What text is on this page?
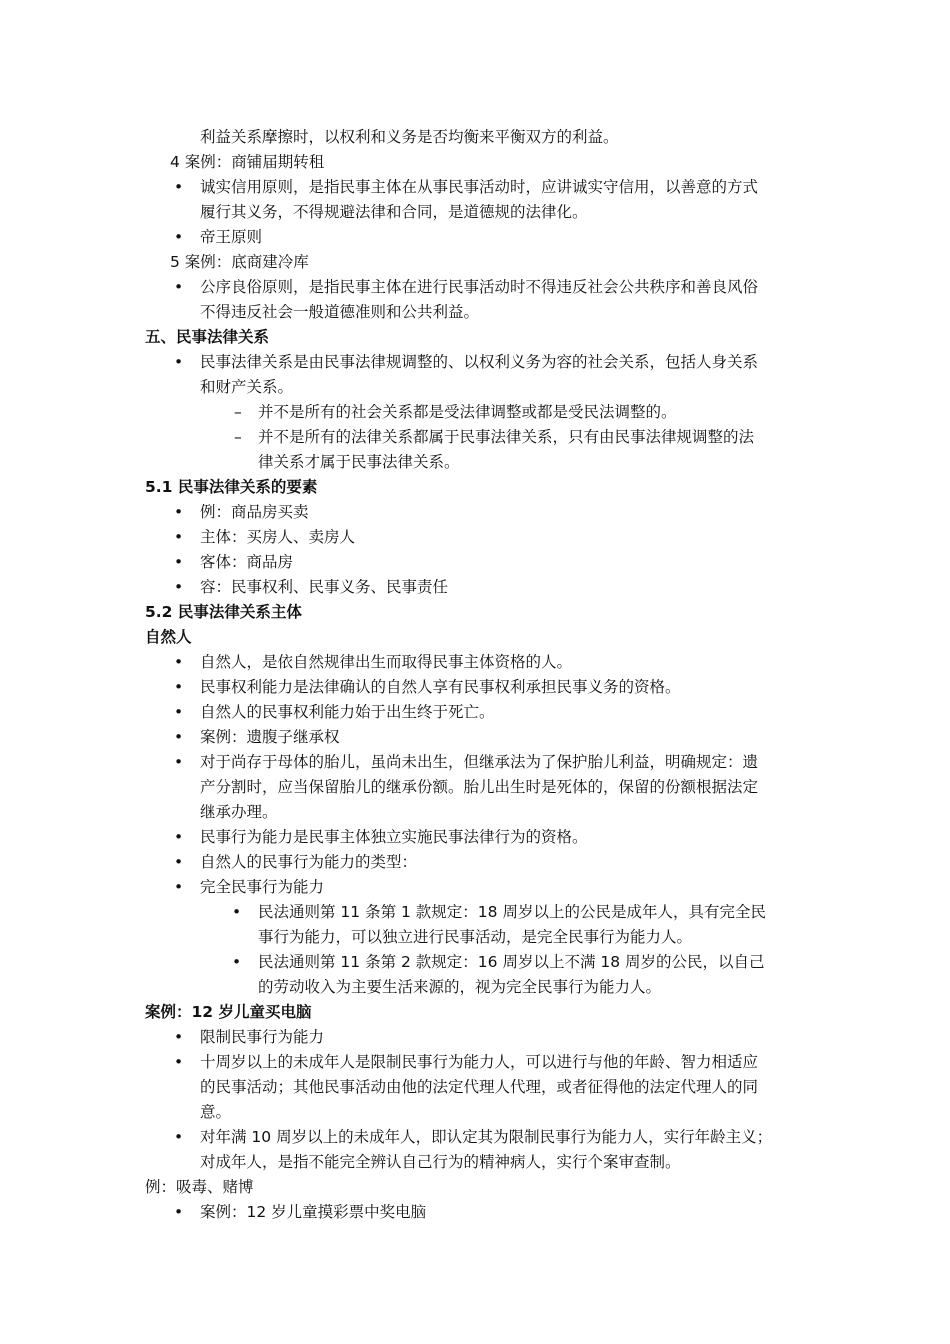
利益关系摩擦时，以权利和义务是否均衡来平衡双方的利益。
4 案例：商铺届期转租
• 诚实信用原则，是指民事主体在从事民事活动时，应讲诚实守信用，以善意的方式
履行其义务，不得规避法律和合同，是道德规的法律化。
• 帝王原则
5 案例：底商建冷库
• 公序良俗原则，是指民事主体在进行民事活动时不得违反社会公共秩序和善良风俗
不得违反社会一般道德准则和公共利益。
五、民事法律关系
• 民事法律关系是由民事法律规调整的、以权利义务为容的社会关系，包括人身关系
和财产关系。
– 并不是所有的社会关系都是受法律调整或都是受民法调整的。
– 并不是所有的法律关系都属于民事法律关系，只有由民事法律规调整的法
律关系才属于民事法律关系。
5.1 民事法律关系的要素
• 例：商品房买卖
• 主体：买房人、卖房人
• 客体：商品房
• 容：民事权利、民事义务、民事责任
5.2 民事法律关系主体
自然人
• 自然人，是依自然规律出生而取得民事主体资格的人。
• 民事权利能力是法律确认的自然人享有民事权利承担民事义务的资格。
• 自然人的民事权利能力始于出生终于死亡。
• 案例：遗腹子继承权
• 对于尚存于母体的胎儿，虽尚未出生，但继承法为了保护胎儿利益，明确规定：遗
产分割时，应当保留胎儿的继承份额。胎儿出生时是死体的，保留的份额根据法定
继承办理。
• 民事行为能力是民事主体独立实施民事法律行为的资格。
• 自然人的民事行为能力的类型：
• 完全民事行为能力
• 民法通则第 11 条第 1 款规定：18 周岁以上的公民是成年人，具有完全民
事行为能力，可以独立进行民事活动，是完全民事行为能力人。
• 民法通则第 11 条第 2 款规定：16 周岁以上不满 18 周岁的公民，以自己
的劳动收入为主要生活来源的，视为完全民事行为能力人。
案例：12 岁儿童买电脑
• 限制民事行为能力
• 十周岁以上的未成年人是限制民事行为能力人，可以进行与他的年龄、智力相适应
的民事活动；其他民事活动由他的法定代理人代理，或者征得他的法定代理人的同
意。
• 对年满 10 周岁以上的未成年人，即认定其为限制民事行为能力人，实行年龄主义；
对成年人，是指不能完全辨认自己行为的精神病人，实行个案审查制。
例：吸毒、赌博
• 案例：12 岁儿童摸彩票中奖电脑
